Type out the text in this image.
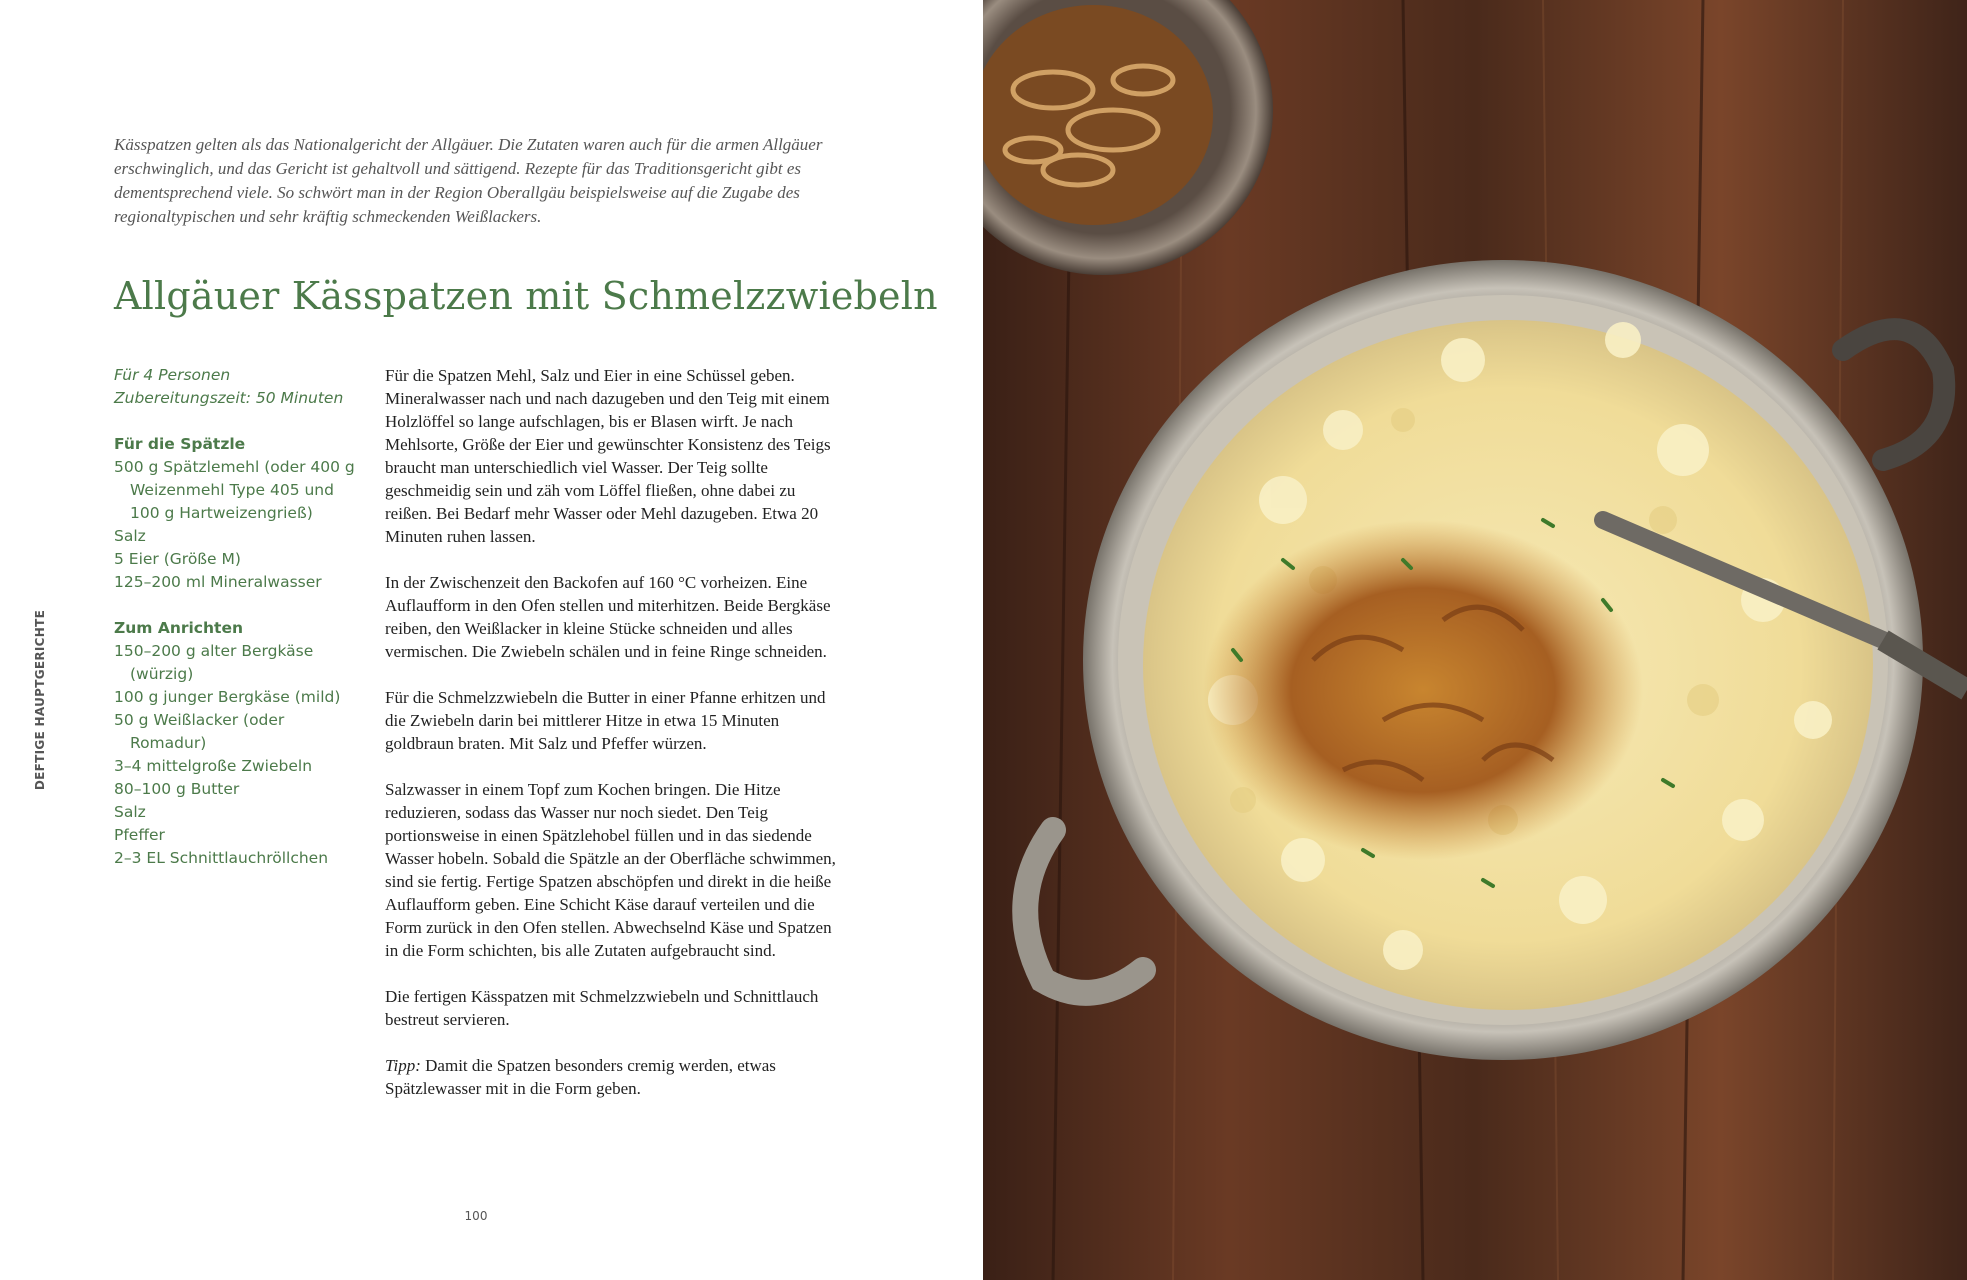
Kässpatzen gelten als das Nationalgericht der Allgäuer. Die Zutaten waren auch für die armen Allgäuer erschwinglich, und das Gericht ist gehaltvoll und sättigend. Rezepte für das Traditionsgericht gibt es dementsprechend viele. So schwört man in der Region Oberallgäu beispielsweise auf die Zugabe des regionaltypischen und sehr kräftig schmeckenden Weißlackers.

Allgäuer Kässpatzen mit Schmelzzwiebeln
DEFTIGE HAUPTGERICHTE
Für 4 Personen
Zubereitungszeit: 50 Minuten
Für die Spätzle
500 g Spätzlemehl (oder 400 g Weizenmehl Type 405 und 100 g Hartweizengrieß)
Salz
5 Eier (Größe M)
125–200 ml Mineralwasser
Zum Anrichten
150–200 g alter Bergkäse (würzig)
100 g junger Bergkäse (mild)
50 g Weißlacker (oder Romadur)
3–4 mittelgroße Zwiebeln
80–100 g Butter
Salz
Pfeffer
2–3 EL Schnittlauchröllchen

Für die Spatzen Mehl, Salz und Eier in eine Schüssel geben. Mineralwasser nach und nach dazugeben und den Teig mit einem Holzlöffel so lange aufschlagen, bis er Blasen wirft. Je nach Mehlsorte, Größe der Eier und gewünschter Konsistenz des Teigs braucht man unterschiedlich viel Wasser. Der Teig sollte geschmeidig sein und zäh vom Löffel fließen, ohne dabei zu reißen. Bei Bedarf mehr Wasser oder Mehl dazugeben. Etwa 20 Minuten ruhen lassen.

In der Zwischenzeit den Backofen auf 160 °C vorheizen. Eine Auflaufform in den Ofen stellen und miterhitzen. Beide Bergkäse reiben, den Weißlacker in kleine Stücke schneiden und alles vermischen. Die Zwiebeln schälen und in feine Ringe schneiden.

Für die Schmelzzwiebeln die Butter in einer Pfanne erhitzen und die Zwiebeln darin bei mittlerer Hitze in etwa 15 Minuten goldbraun braten. Mit Salz und Pfeffer würzen.

Salzwasser in einem Topf zum Kochen bringen. Die Hitze reduzieren, sodass das Wasser nur noch siedet. Den Teig portionsweise in einen Spätzlehobel füllen und in das siedende Wasser hobeln. Sobald die Spätzle an der Oberfläche schwimmen, sind sie fertig. Fertige Spatzen abschöpfen und direkt in die heiße Auflaufform geben. Eine Schicht Käse darauf verteilen und die Form zurück in den Ofen stellen. Abwechselnd Käse und Spatzen in die Form schichten, bis alle Zutaten aufgebraucht sind.

Die fertigen Kässpatzen mit Schmelzzwiebeln und Schnittlauch bestreut servieren.

Tipp: Damit die Spatzen besonders cremig werden, etwas Spätzlewasser mit in die Form geben.

100
